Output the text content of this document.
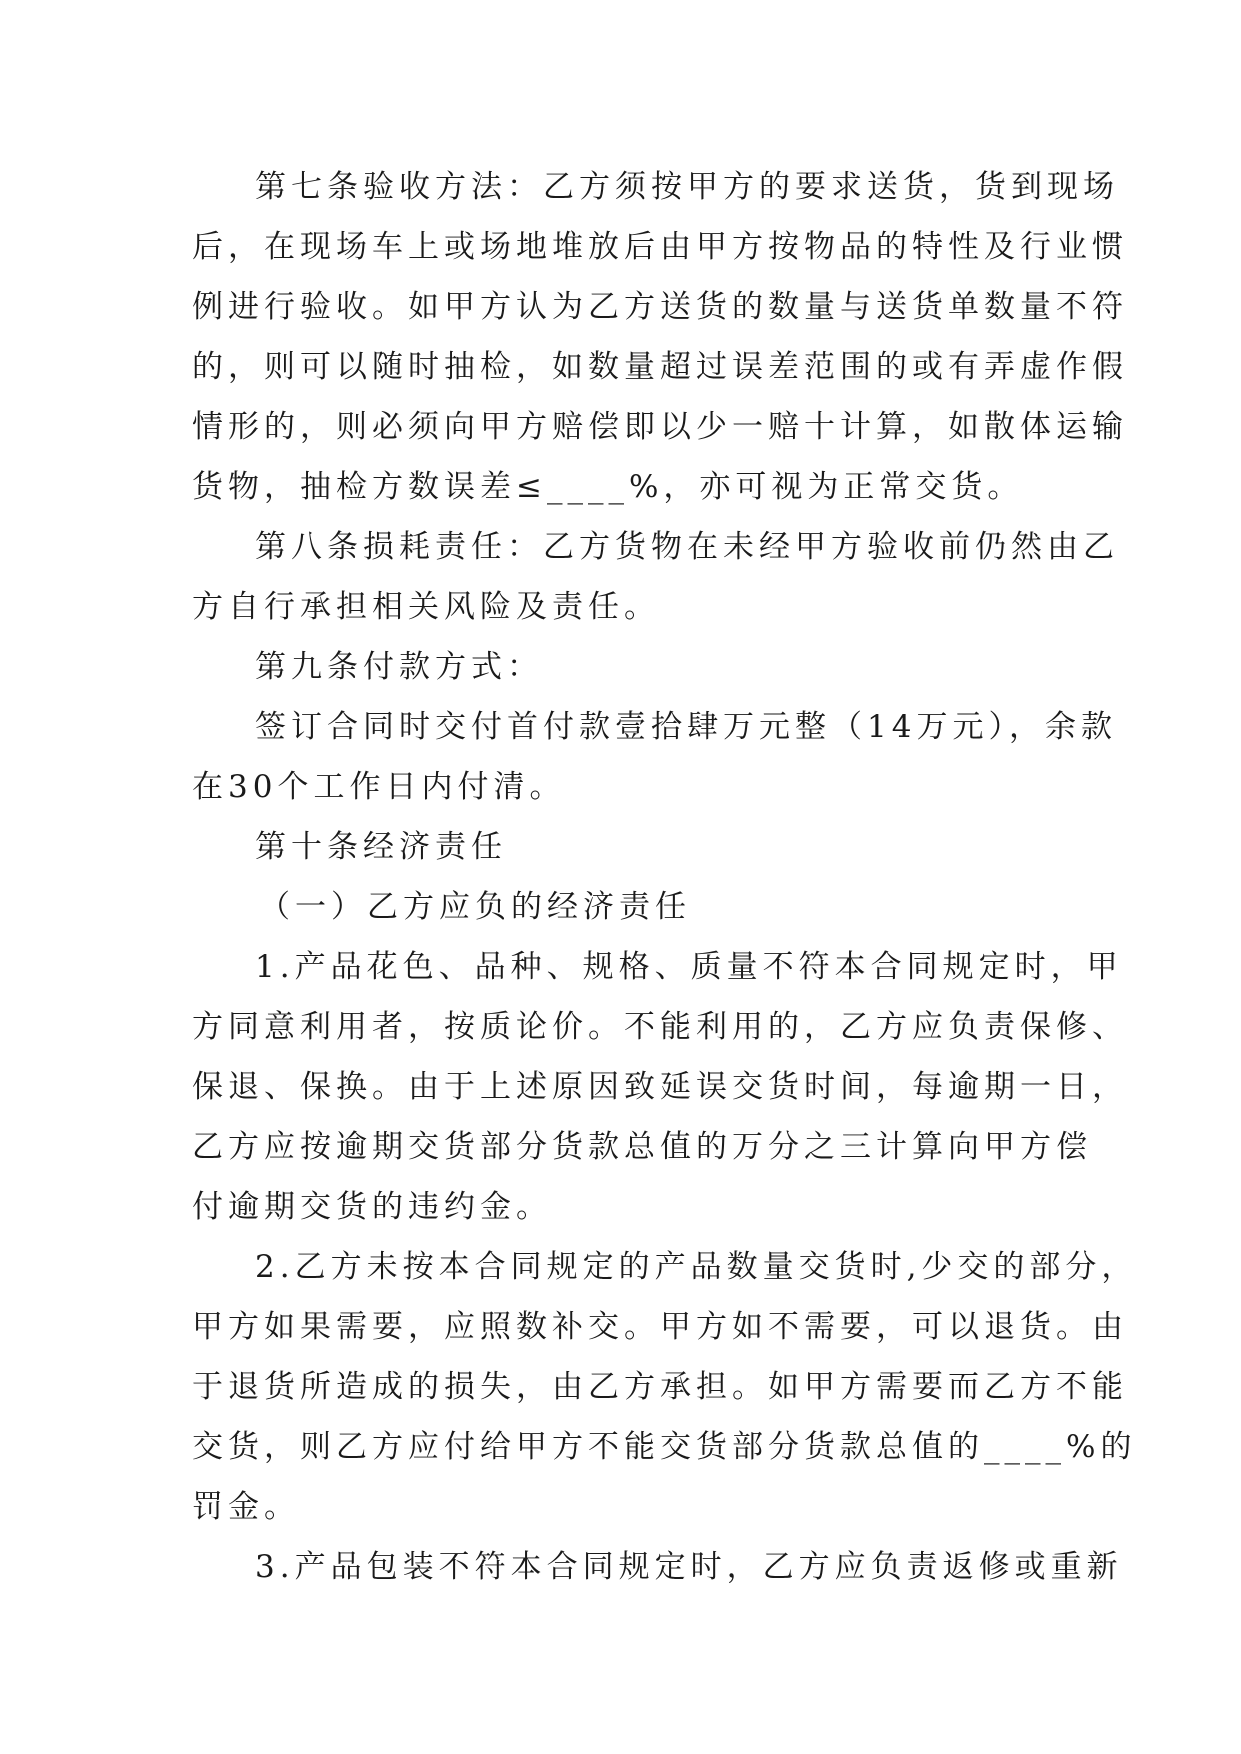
第七条验收方法：乙方须按甲方的要求送货，货到现场
后，在现场车上或场地堆放后由甲方按物品的特性及行业惯
例进行验收。如甲方认为乙方送货的数量与送货单数量不符
的，则可以随时抽检，如数量超过误差范围的或有弄虚作假
情形的，则必须向甲方赔偿即以少一赔十计算，如散体运输
货物，抽检方数误差≤____%，亦可视为正常交货。
第八条损耗责任：乙方货物在未经甲方验收前仍然由乙
方自行承担相关风险及责任。
第九条付款方式：
签订合同时交付首付款壹拾肆万元整（14万元），余款
在30个工作日内付清。
第十条经济责任
（一）乙方应负的经济责任
1.产品花色、品种、规格、质量不符本合同规定时，甲
方同意利用者，按质论价。不能利用的，乙方应负责保修、
保退、保换。由于上述原因致延误交货时间，每逾期一日，
乙方应按逾期交货部分货款总值的万分之三计算向甲方偿
付逾期交货的违约金。
2.乙方未按本合同规定的产品数量交货时,少交的部分，
甲方如果需要，应照数补交。甲方如不需要，可以退货。由
于退货所造成的损失，由乙方承担。如甲方需要而乙方不能
交货，则乙方应付给甲方不能交货部分货款总值的____%的
罚金。
3.产品包装不符本合同规定时，乙方应负责返修或重新
